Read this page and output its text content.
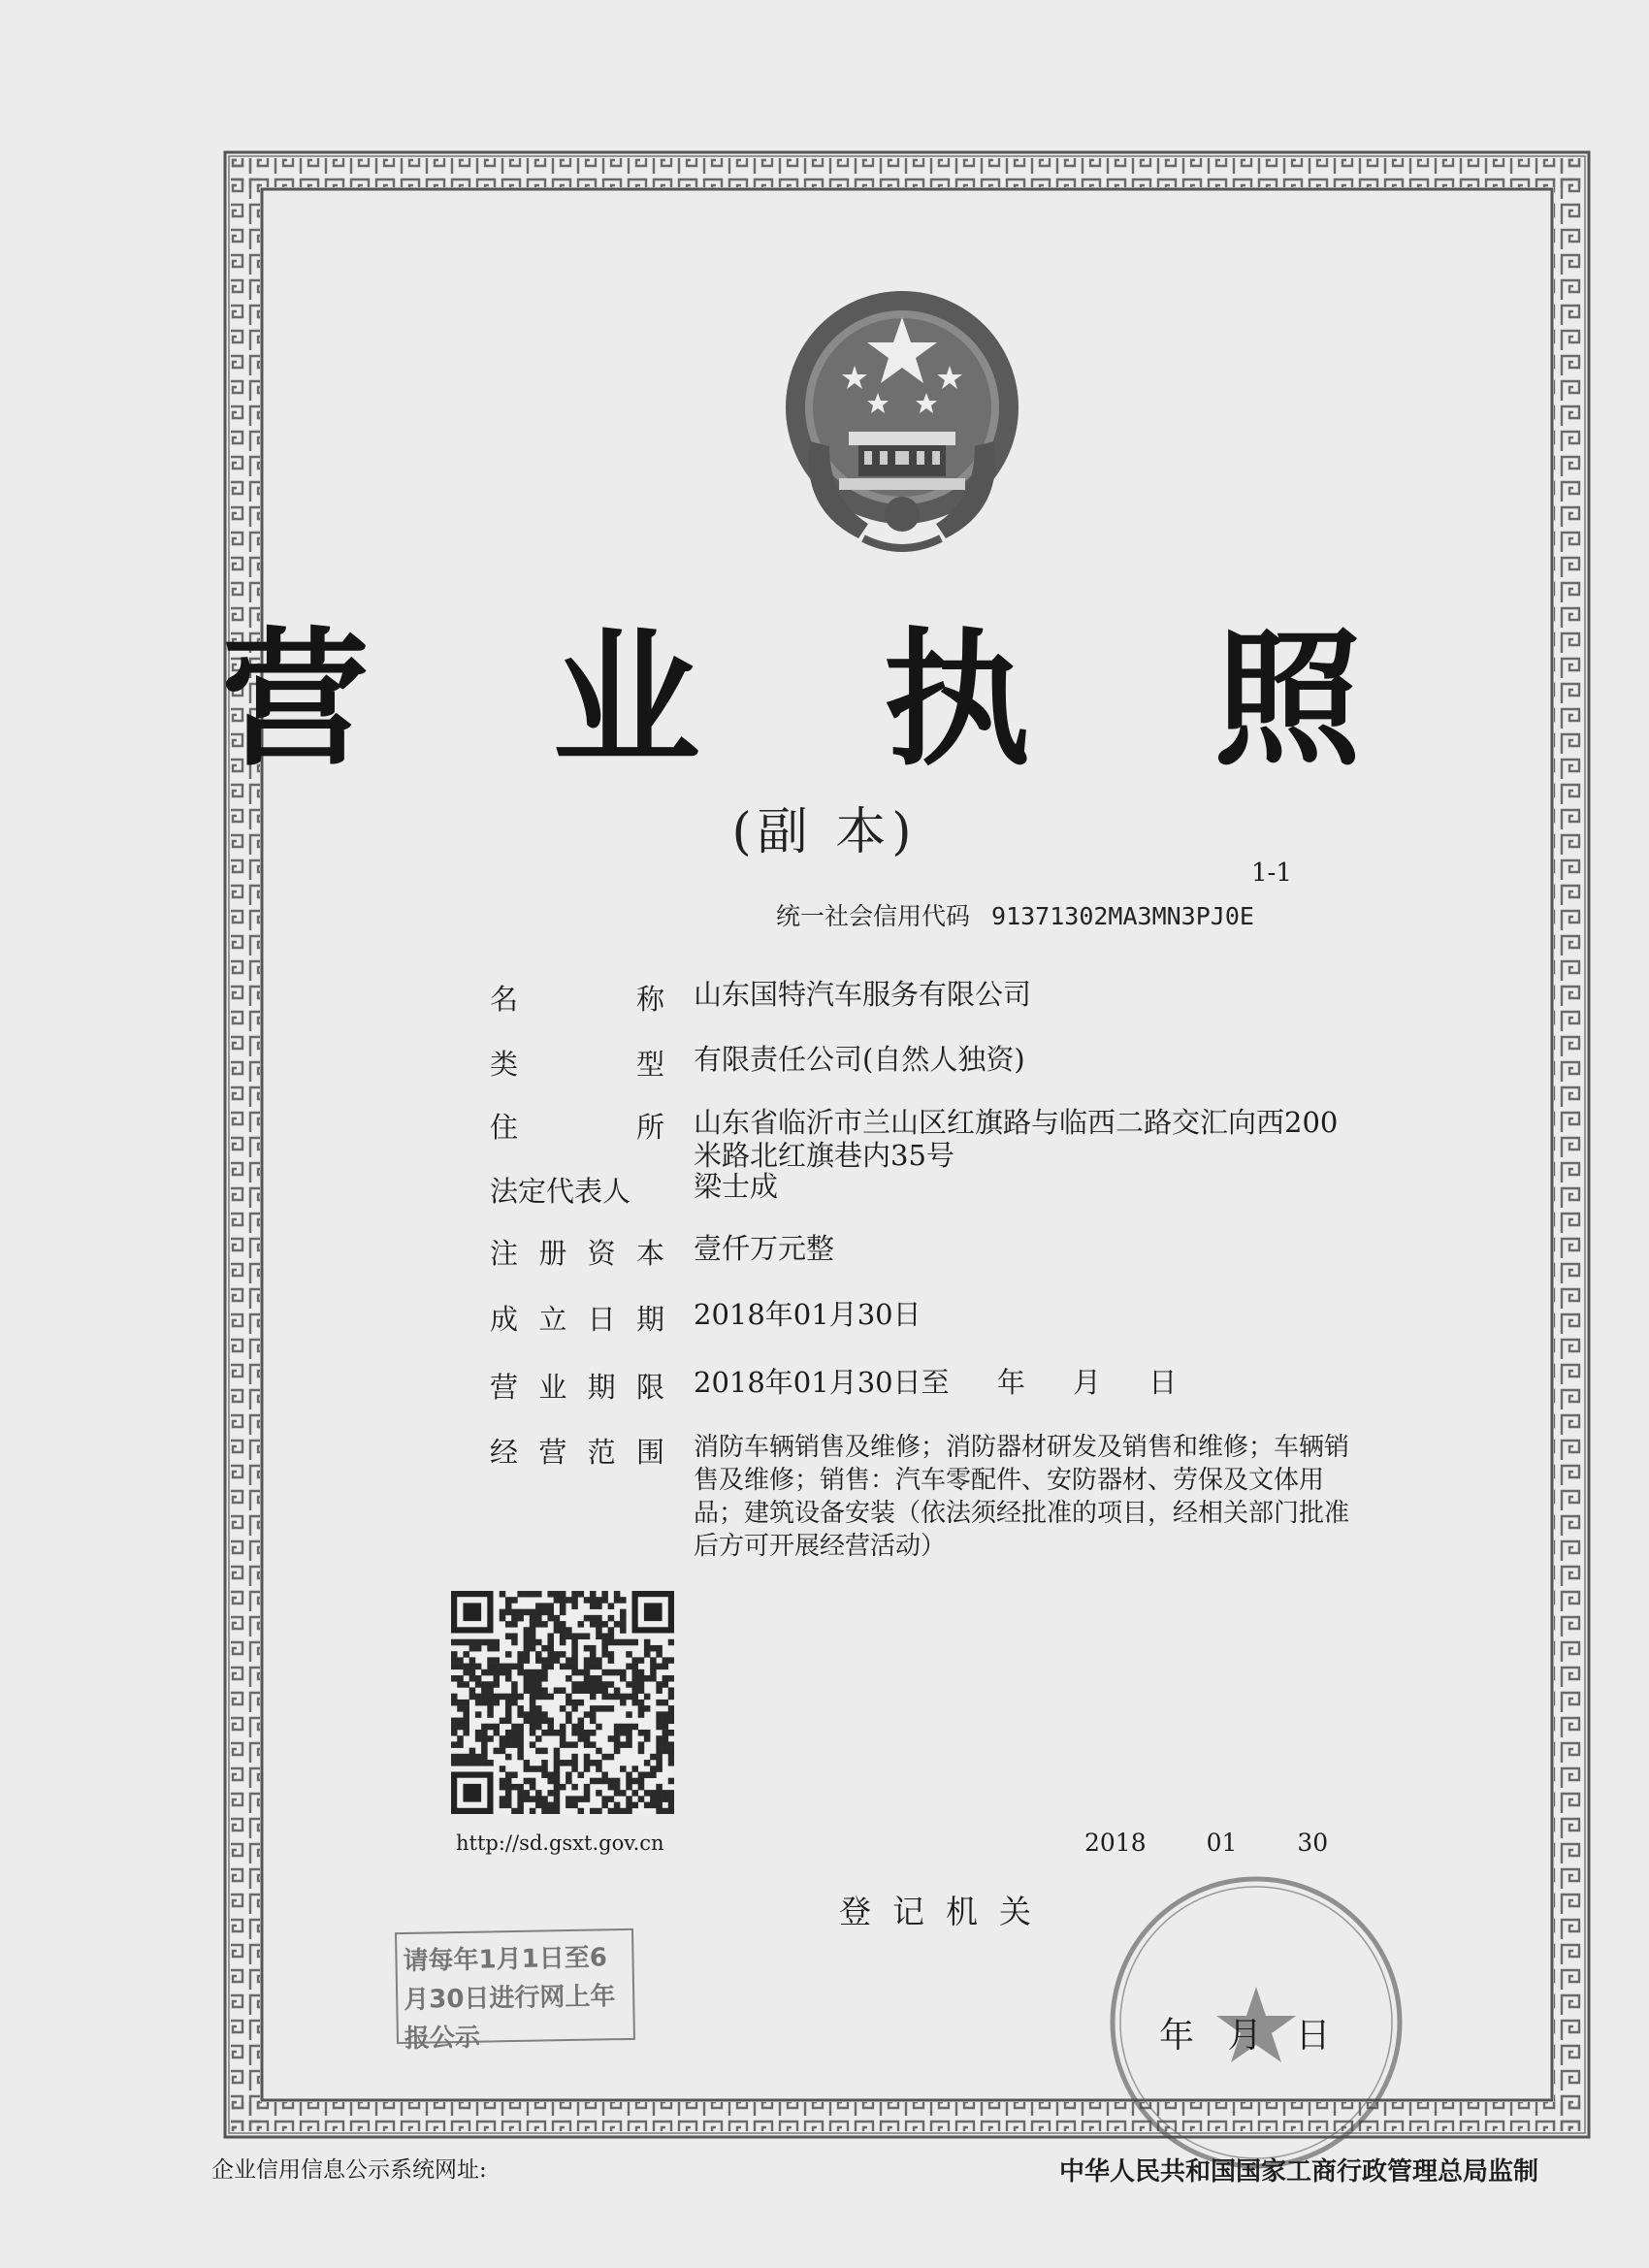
营 业 执 照
(副 本)
1-1
统一社会信用代码 91371302MA3MN3PJ0E
名	称 山东国特汽车服务有限公司
类	型 有限责任公司(自然人独资)
住	所 山东省临沂市兰山区红旗路与临西二路交汇向西200米路北红旗巷内35号
法定代表人	梁士成
注 册 资 本 壹仟万元整
成 立 日 期 2018年01月30日
营 业 期 限 2018年01月30日至 年 月 日
经 营 范 围 消防车辆销售及维修；消防器材研发及销售和维修；车辆销售及维修；销售：汽车零配件、安防器材、劳保及文体用品；建筑设备安装（依法须经批准的项目，经相关部门批准后方可开展经营活动）
http://sd.gsxt.gov.cn	2018 01 30
登记机关
请每年1月1日至6月30日进行网上年报公示	年   月   日
企业信用信息公示系统网址:	中华人民共和国国家工商行政管理总局监制
